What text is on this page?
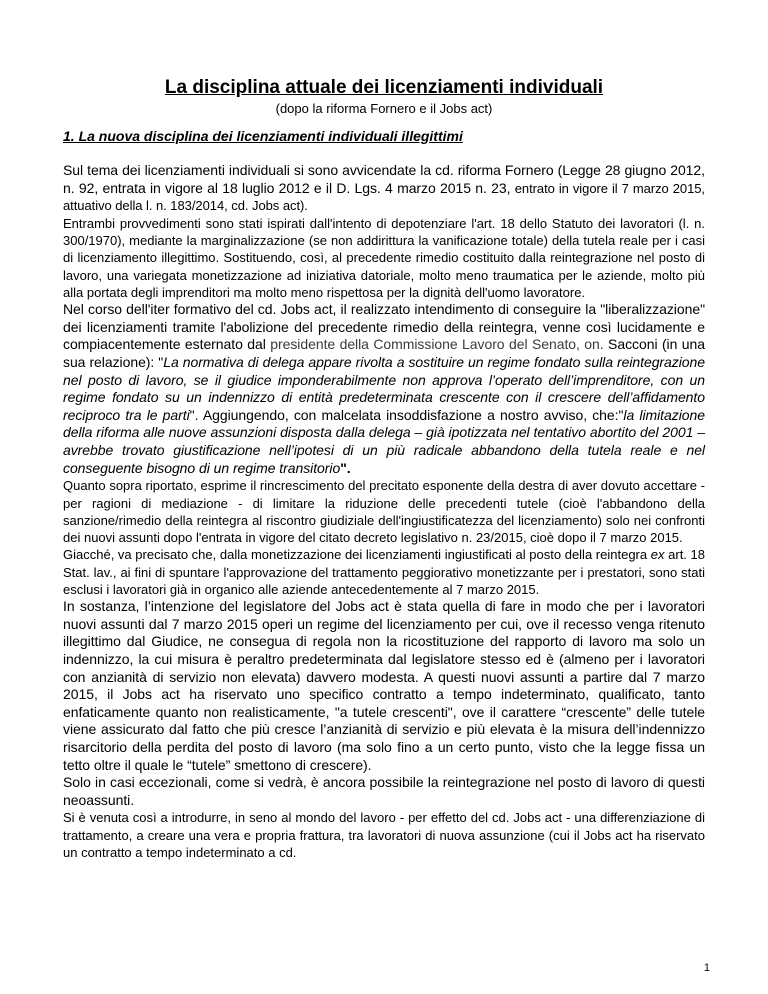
La disciplina attuale dei licenziamenti individuali

(dopo la riforma Fornero e il Jobs act)

1. La nuova disciplina dei licenziamenti individuali illegittimi

Sul tema dei licenziamenti individuali si sono avvicendate la cd. riforma Fornero (Legge 28 giugno 2012, n. 92, entrata in vigore al 18 luglio 2012 e il D. Lgs. 4 marzo 2015 n. 23, entrato in vigore il 7 marzo 2015, attuativo della l. n. 183/2014, cd. Jobs act).

Entrambi provvedimenti sono stati ispirati dall'intento di depotenziare l'art. 18 dello Statuto dei lavoratori (l. n. 300/1970), mediante la marginalizzazione (se non addirittura la vanificazione totale) della tutela reale per i casi di licenziamento illegittimo. Sostituendo, così, al precedente rimedio costituito dalla reintegrazione nel posto di lavoro, una variegata monetizzazione ad iniziativa datoriale, molto meno traumatica per le aziende, molto più alla portata degli imprenditori ma molto meno rispettosa per la dignità dell'uomo lavoratore.

Nel corso dell'iter formativo del cd. Jobs act, il realizzato intendimento di conseguire la "liberalizzazione" dei licenziamenti tramite l'abolizione del precedente rimedio della reintegra, venne così lucidamente e compiacentemente esternato dal presidente della Commissione Lavoro del Senato, on. Sacconi (in una sua relazione): "La normativa di delega appare rivolta a sostituire un regime fondato sulla reintegrazione nel posto di lavoro, se il giudice imponderabilmente non approva l’operato dell’imprenditore, con un regime fondato su un indennizzo di entità predeterminata crescente con il crescere dell’affidamento reciproco tra le parti". Aggiungendo, con malcelata insoddisfazione a nostro avviso, che:"la limitazione della riforma alle nuove assunzioni disposta dalla delega – già ipotizzata nel tentativo abortito del 2001 – avrebbe trovato giustificazione nell’ipotesi di un più radicale abbandono della tutela reale e nel conseguente bisogno di un regime transitorio".

Quanto sopra riportato, esprime il rincrescimento del precitato esponente della destra di aver dovuto accettare - per ragioni di mediazione - di limitare la riduzione delle precedenti tutele (cioè l'abbandono della sanzione/rimedio della reintegra al riscontro giudiziale dell'ingiustificatezza del licenziamento) solo nei confronti dei nuovi assunti dopo l'entrata in vigore del citato decreto legislativo n. 23/2015, cioè dopo il 7 marzo 2015.

Giacché, va precisato che, dalla monetizzazione dei licenziamenti ingiustificati al posto della reintegra ex art. 18 Stat. lav., ai fini di spuntare l'approvazione del trattamento peggiorativo monetizzante per i prestatori, sono stati esclusi i lavoratori già in organico alle aziende antecedentemente al 7 marzo 2015.

In sostanza, l’intenzione del legislatore del Jobs act è stata quella di fare in modo che per i lavoratori nuovi assunti dal 7 marzo 2015 operi un regime del licenziamento per cui, ove il recesso venga ritenuto illegittimo dal Giudice, ne consegua di regola non la ricostituzione del rapporto di lavoro ma solo un indennizzo, la cui misura è peraltro predeterminata dal legislatore stesso ed è (almeno per i lavoratori con anzianità di servizio non elevata) davvero modesta. A questi nuovi assunti a partire dal 7 marzo 2015, il Jobs act ha riservato uno specifico contratto a tempo indeterminato, qualificato, tanto enfaticamente quanto non realisticamente, "a tutele crescenti", ove il carattere “crescente” delle tutele viene assicurato dal fatto che più cresce l’anzianità di servizio e più elevata è la misura dell’indennizzo risarcitorio della perdita del posto di lavoro (ma solo fino a un certo punto, visto che la legge fissa un tetto oltre il quale le “tutele” smettono di crescere).

Solo in casi eccezionali, come si vedrà, è ancora possibile la reintegrazione nel posto di lavoro di questi neoassunti.

Si è venuta così a introdurre, in seno al mondo del lavoro - per effetto del cd. Jobs act - una differenziazione di trattamento, a creare una vera e propria frattura, tra lavoratori di nuova assunzione (cui il Jobs act ha riservato un contratto a tempo indeterminato a cd.

1
